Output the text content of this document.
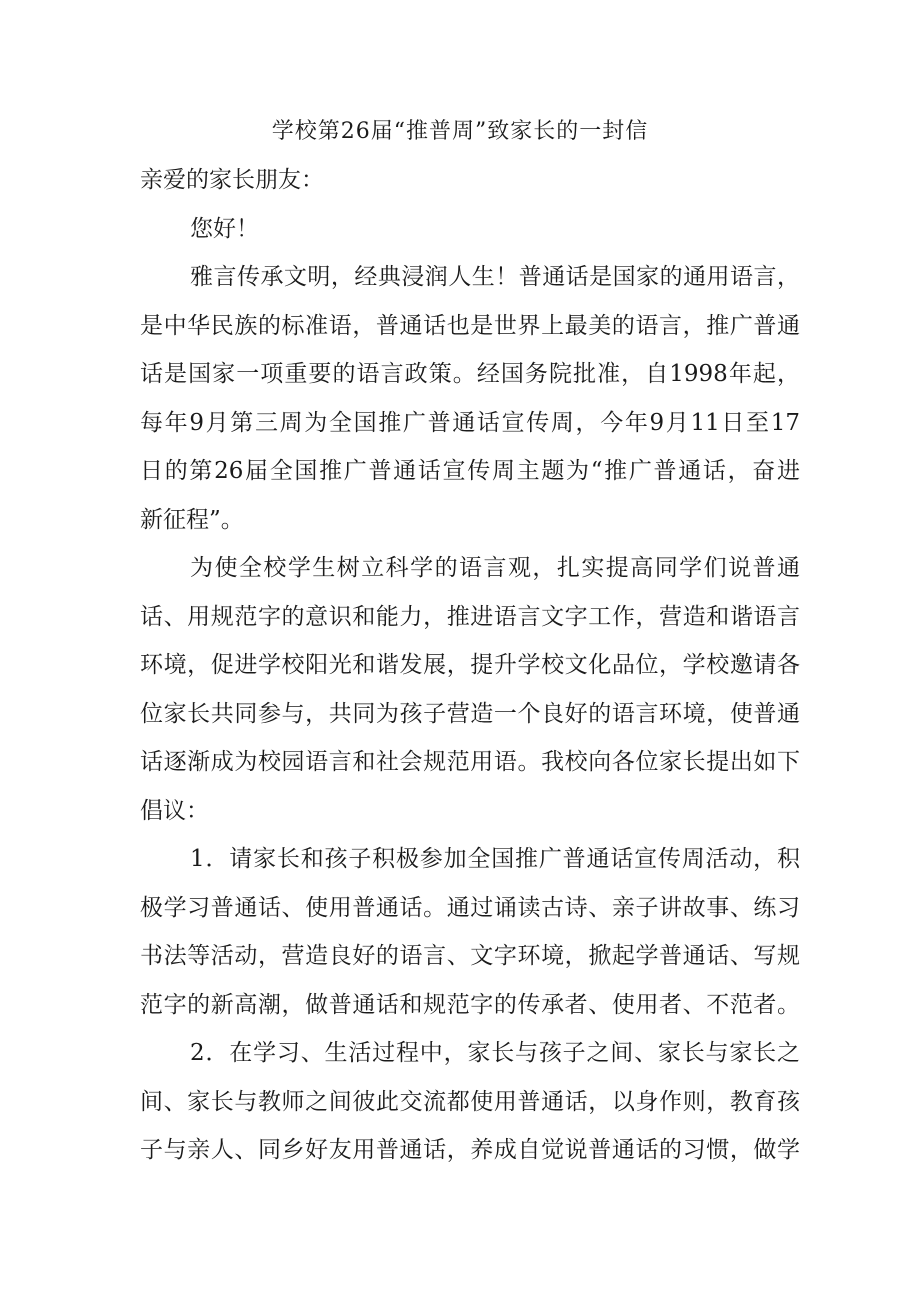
学校第26届“推普周”致家长的一封信
亲爱的家长朋友：
您好！

雅言传承文明，经典浸润人生！普通话是国家的通用语言，
是中华民族的标准语，普通话也是世界上最美的语言，推广普通
话是国家一项重要的语言政策。经国务院批准，自1998年起，
每年9月第三周为全国推广普通话宣传周，今年9月11日至17
日的第26届全国推广普通话宣传周主题为“推广普通话，奋进
新征程”。

为使全校学生树立科学的语言观，扎实提高同学们说普通
话、用规范字的意识和能力，推进语言文字工作，营造和谐语言
环境，促进学校阳光和谐发展，提升学校文化品位，学校邀请各
位家长共同参与，共同为孩子营造一个良好的语言环境，使普通
话逐渐成为校园语言和社会规范用语。我校向各位家长提出如下
倡议：

1．请家长和孩子积极参加全国推广普通话宣传周活动，积
极学习普通话、使用普通话。通过诵读古诗、亲子讲故事、练习
书法等活动，营造良好的语言、文字环境，掀起学普通话、写规
范字的新高潮，做普通话和规范字的传承者、使用者、不范者。

2．在学习、生活过程中，家长与孩子之间、家长与家长之
间、家长与教师之间彼此交流都使用普通话，以身作则，教育孩
子与亲人、同乡好友用普通话，养成自觉说普通话的习惯，做学
